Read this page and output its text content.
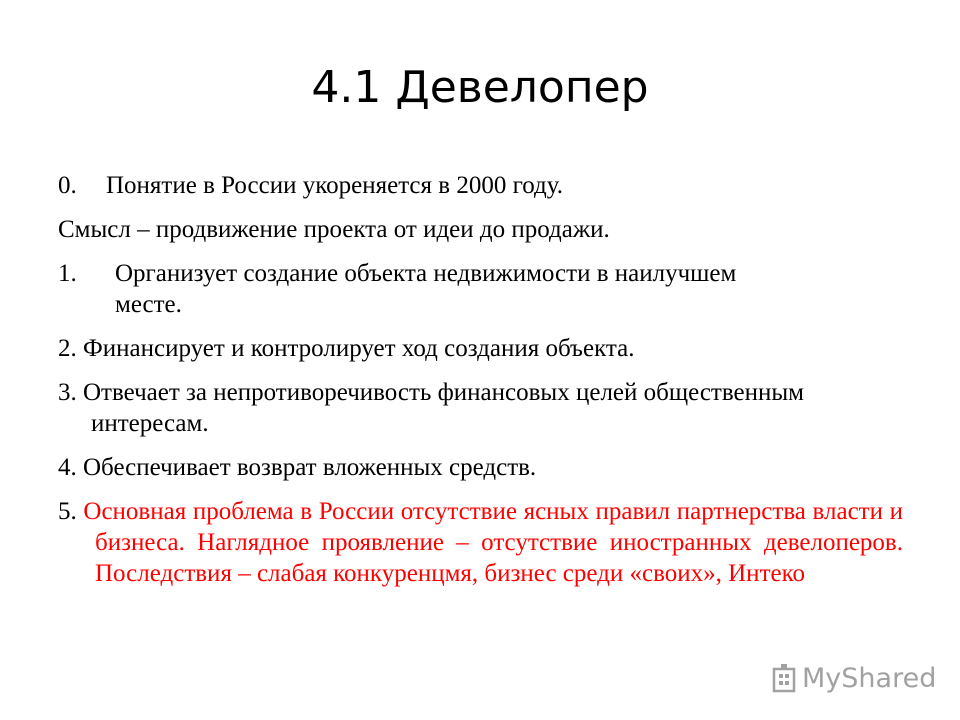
4.1 Девелопер

0. Понятие в России укореняется в 2000 году.

Смысл – продвижение проекта от идеи до продажи.

1.	Организует создание объекта недвижимости в наилучшем месте.

2. Финансирует и контролирует ход создания объекта.

3. Отвечает за непротиворечивость финансовых целей общественным интересам.

4. Обеспечивает возврат вложенных средств.

5. Основная проблема в России отсутствие ясных правил партнерства власти и бизнеса. Наглядное проявление – отсутствие иностранных девелоперов. Последствия – слабая конкуренцмя, бизнес среди «своих», Интеко

MyShared
